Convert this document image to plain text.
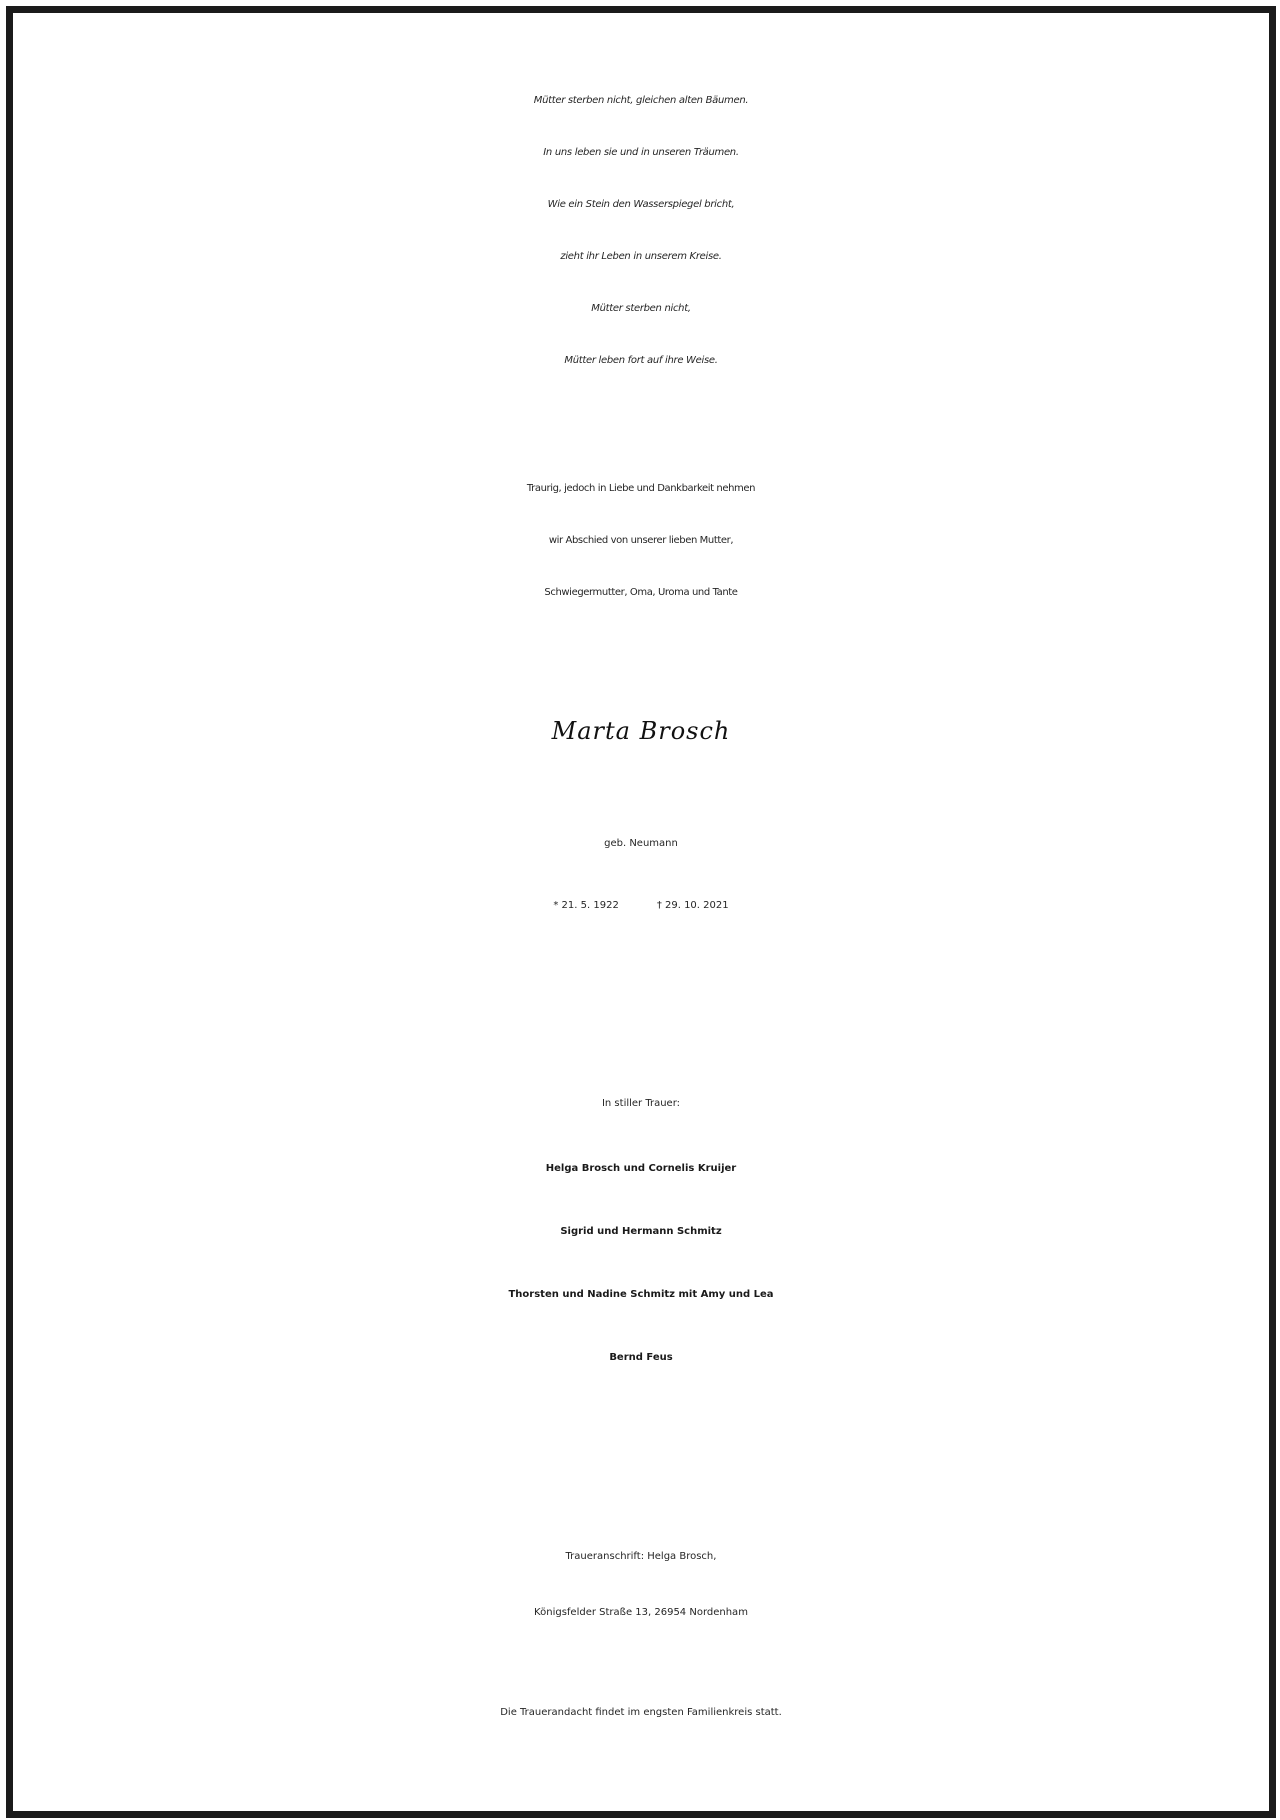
Mütter sterben nicht, gleichen alten Bäumen.
In uns leben sie und in unseren Träumen.
Wie ein Stein den Wasserspiegel bricht,
zieht ihr Leben in unserem Kreise.
Mütter sterben nicht,
Mütter leben fort auf ihre Weise.
Traurig, jedoch in Liebe und Dankbarkeit nehmen
wir Abschied von unserer lieben Mutter,
Schwiegermutter, Oma, Uroma und Tante
Marta Brosch
geb. Neumann
* 21. 5. 1922	† 29. 10. 2021
In stiller Trauer:
Helga Brosch und Cornelis Kruijer
Sigrid und Hermann Schmitz
Thorsten und Nadine Schmitz mit Amy und Lea
Bernd Feus
Traueranschrift: Helga Brosch,
Königsfelder Straße 13, 26954 Nordenham
Die Trauerandacht findet im engsten Familienkreis statt.
